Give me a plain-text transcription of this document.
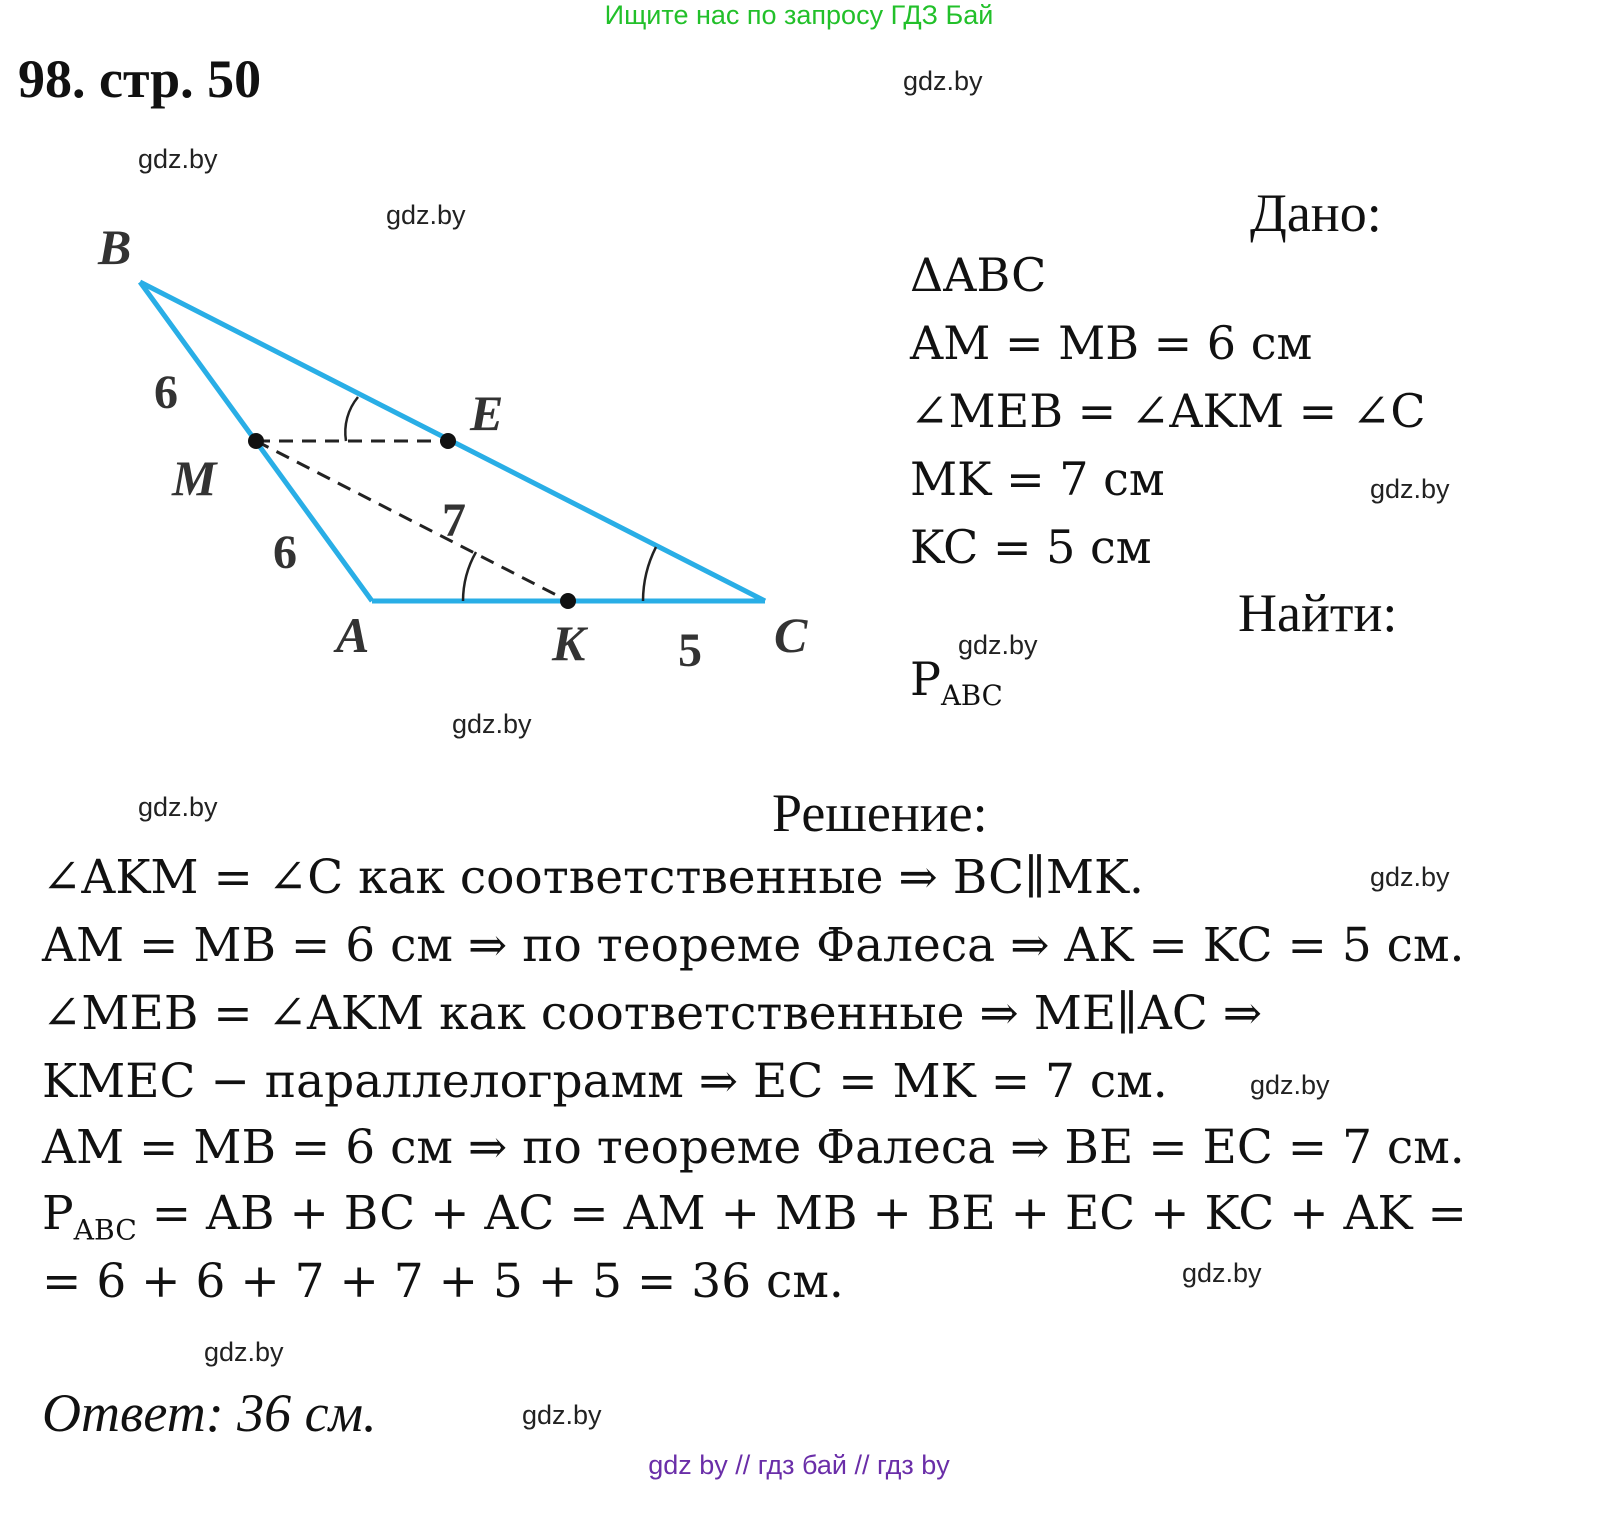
Ищите нас по запросу ГДЗ Бай
98. стр. 50	gdz.by
gdz.by
gdz.by
gdz.by
gdz.by
gdz.by
gdz.by
gdz.by
gdz.by
gdz.by
gdz.by
gdz.by
B
E
M
A	K	C
6
6
7
5
Дано:
ΔABC
AM = MB = 6 см
∠MEB = ∠AKM = ∠C
MK = 7 см
KC = 5 см
Найти:
$P_{ABC}$
Решение:
∠AKM = ∠C как соответственные ⇒ BC∥MK.
AM = MB = 6 см ⇒ по теореме Фалеса ⇒ AK = KC = 5 см.
∠MEB = ∠AKM как соответственные ⇒ ME∥AC ⇒
KMEC − параллелограмм ⇒ EC = MK = 7 см.
AM = MB = 6 см ⇒ по теореме Фалеса ⇒ BE = EC = 7 см.
$P_{ABC}$ = AB + BC + AC = AM + MB + BE + EC + KC + AK =
= 6 + 6 + 7 + 7 + 5 + 5 = 36 см.
Ответ: 36 см.
gdz by // гдз бай // гдз by
